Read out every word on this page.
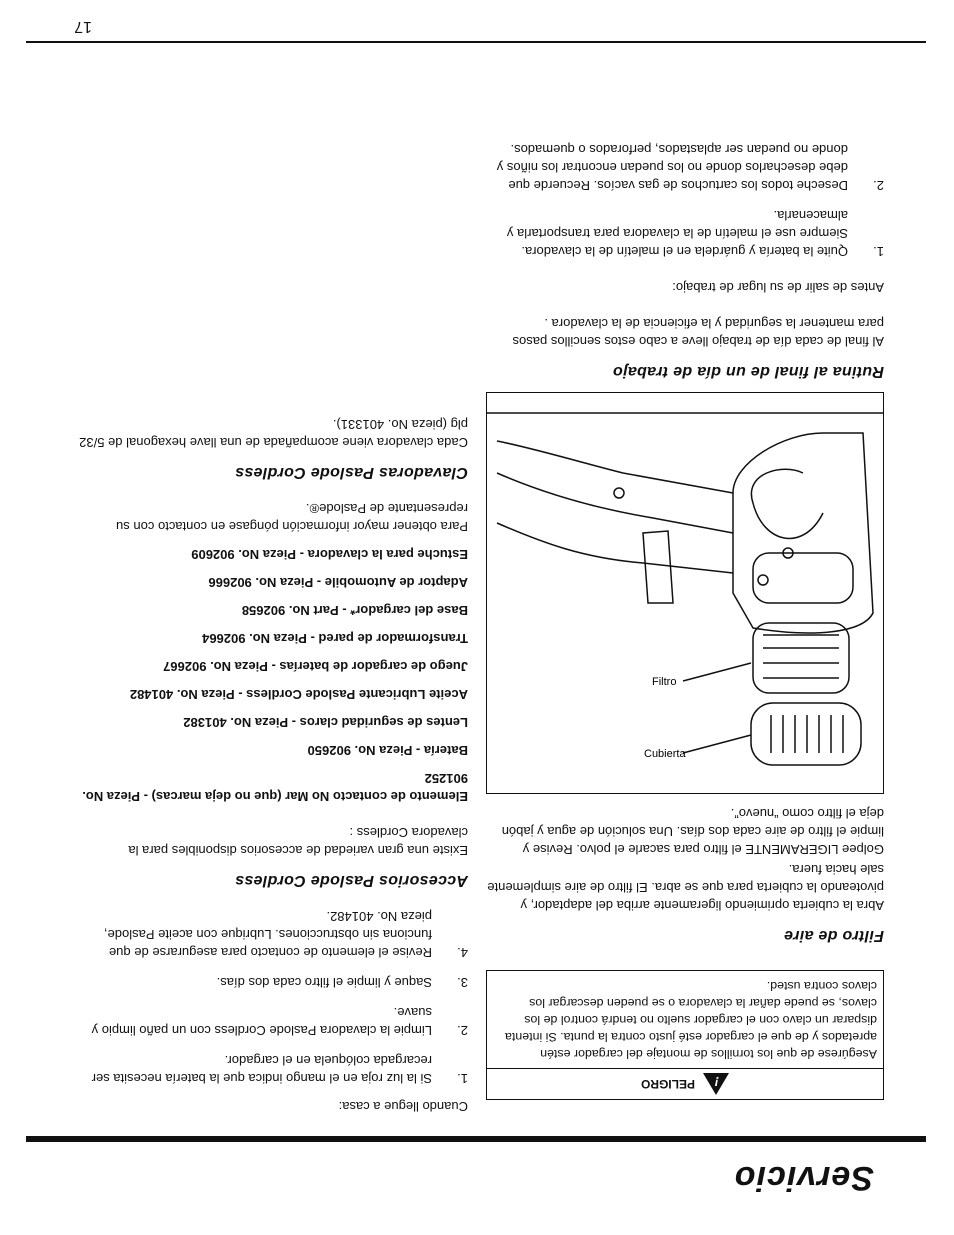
Servicio
17

Cuando llegue a casa:

1.
Si la luz roja en el mango indica que la batería necesita ser recargada colóquela en el cargador.
2.
Limpie la clavadora Paslode Cordless con un paño limpio y suave.
3.
Saque y limpie el filtro cada dos días.
4.
Revise el elemento de contacto para asegurarse de que funciona sin obstrucciones. Lubrique con aceite Paslode, pieza No. 401482.
Accesorios Paslode Cordless

Existe una gran variedad de accesorios disponibles para la clavadora Cordless :

Elemento de contacto No Mar (que no deja marcas) - Pieza No. 901252

Batería - Pieza No. 902650

Lentes de seguridad claros - Pieza No. 401382

Aceite Lubricante Paslode Cordless - Pieza No. 401482

Juego de cargador de baterías - Pieza No. 902667

Transformador de pared - Pieza No. 902664

Base del cargador* - Part No. 902658

Adaptor de Automobile - Pieza No. 902666

Estuche para la clavadora - Pieza No. 902609

Para obtener mayor información póngase en contacto con su representante de Paslode®.

Clavadoras Paslode Cordless

Cada clavadora viene acompañada de una llave hexagonal de 5/32 plg (pieza No. 401331).

!
PELIGRO
Asegúrese de que los tornillos de montaje del cargador estén apretados y de que el cargador esté justo contra la punta. Si intenta disparar un clavo con el cargador suelto no tendrá control de los clavos, se puede dañar la clavadora o se pueden descargar los clavos contra usted.
Filtro de aire

Abra la cubierta oprimiendo ligeramente arriba del adaptador, y pivoteando la cubierta para que se abra. El filtro de aire simplemente sale hacia fuera.

Golpee LIGERAMENTE el filtro para sacarle el polvo. Revise y limpie el filtro de aire cada dos días. Una solución de agua y jabón deja el filtro como “nuevo”.

Cubierta
Filtro
Rutina al final de un día de trabajo

Al final de cada día de trabajo lleve a cabo estos sencillos pasos para mantener la seguridad y la eficiencia de la clavadora .

Antes de salir de su lugar de trabajo:

1.
Quite la batería y guárdela en el maletín de la clavadora. Siempre use el maletín de la clavadora para transportarla y almacenarla.
2.
Deseche todos los cartuchos de gas vacíos. Recuerde que debe desecharlos donde no los puedan encontrar los niños y donde no puedan ser aplastados, perforados o quemados.
